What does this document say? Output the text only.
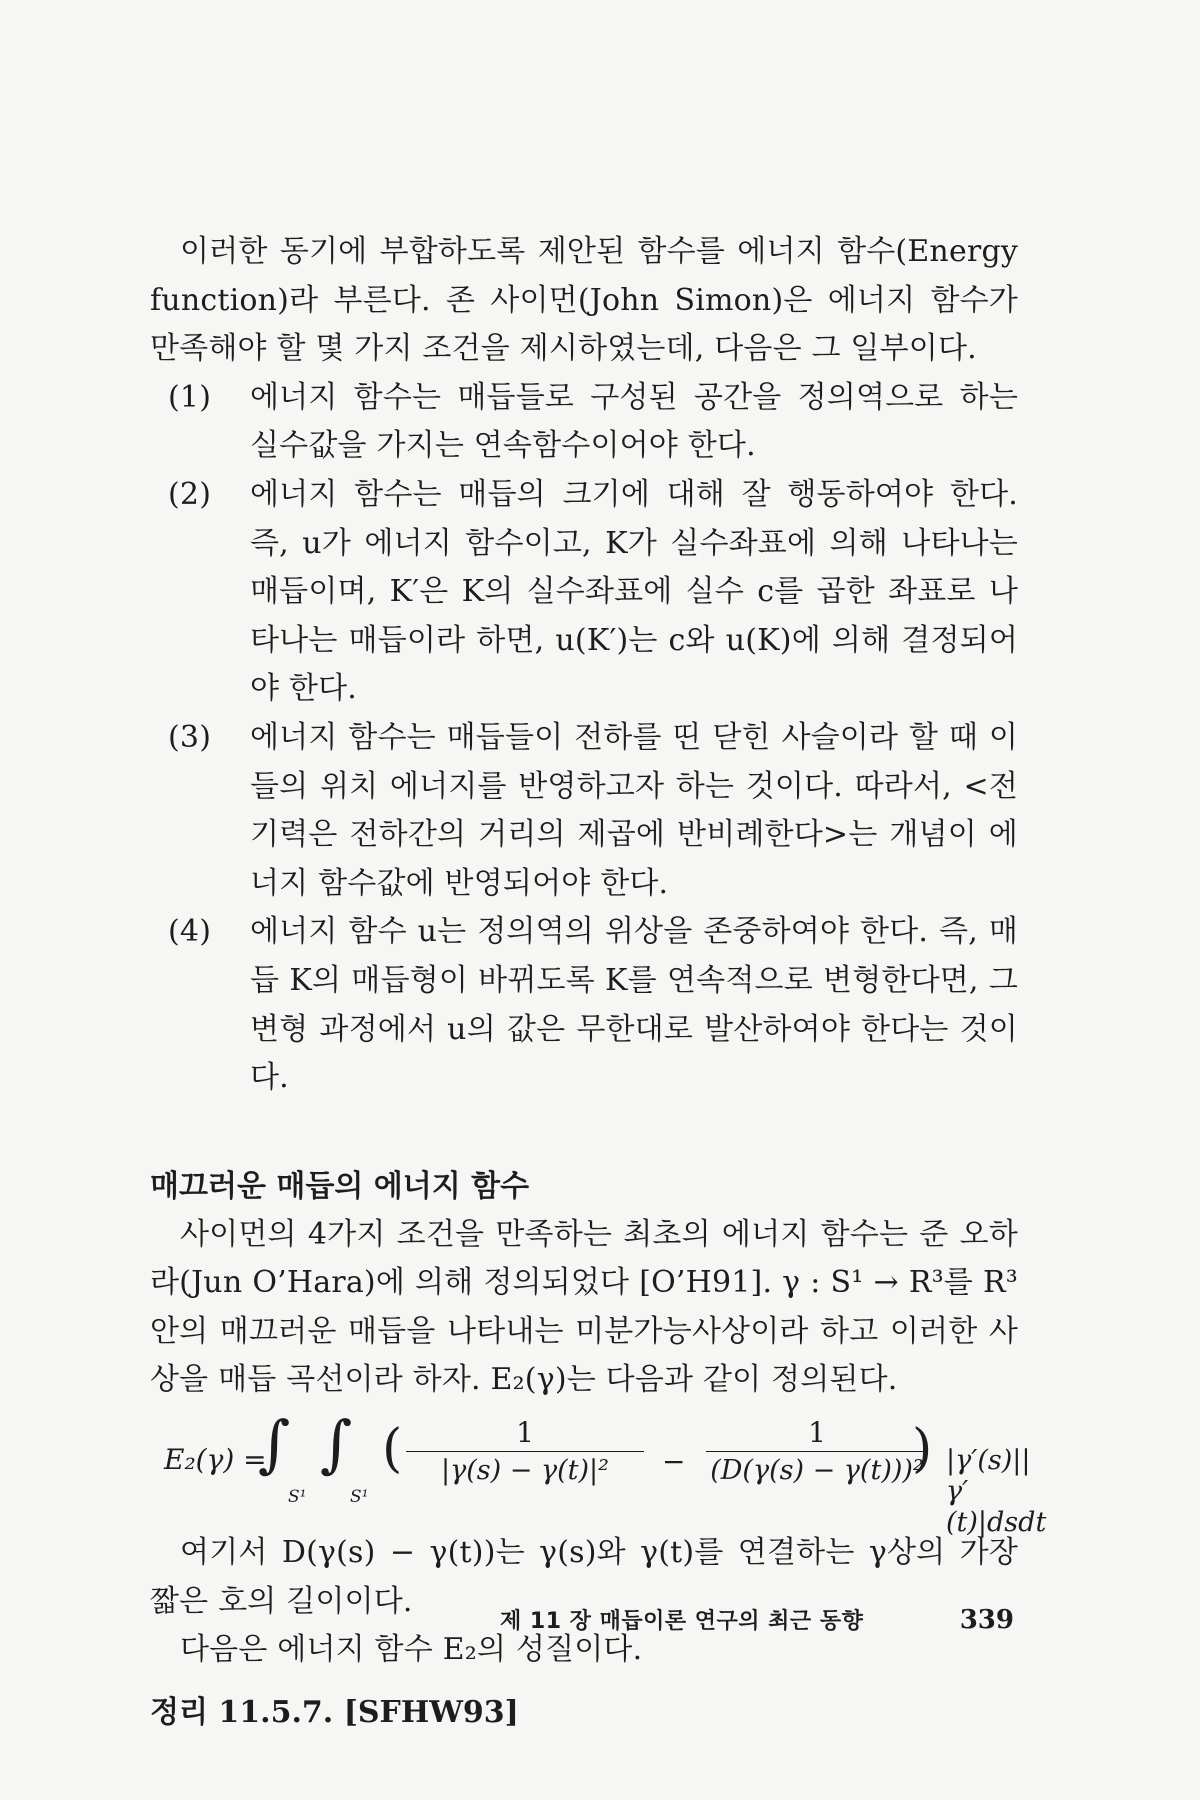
이러한 동기에 부합하도록 제안된 함수를 에너지 함수(Energy function)라 부른다. 존 사이먼(John Simon)은 에너지 함수가 만족해야 할 몇 가지 조건을 제시하였는데, 다음은 그 일부이다.

(1) 에너지 함수는 매듭들로 구성된 공간을 정의역으로 하는 실수값을 가지는 연속함수이어야 한다.

(2) 에너지 함수는 매듭의 크기에 대해 잘 행동하여야 한다. 즉, u가 에너지 함수이고, K가 실수좌표에 의해 나타나는 매듭이며, K′은 K의 실수좌표에 실수 c를 곱한 좌표로 나타나는 매듭이라 하면, u(K′)는 c와 u(K)에 의해 결정되어야 한다.

(3) 에너지 함수는 매듭들이 전하를 띤 닫힌 사슬이라 할 때 이들의 위치 에너지를 반영하고자 하는 것이다. 따라서, <전기력은 전하간의 거리의 제곱에 반비례한다>는 개념이 에너지 함수값에 반영되어야 한다.

(4) 에너지 함수 u는 정의역의 위상을 존중하여야 한다. 즉, 매듭 K의 매듭형이 바뀌도록 K를 연속적으로 변형한다면, 그 변형 과정에서 u의 값은 무한대로 발산하여야 한다는 것이다.

매끄러운 매듭의 에너지 함수

사이먼의 4가지 조건을 만족하는 최초의 에너지 함수는 준 오하라(Jun O’Hara)에 의해 정의되었다 [O’H91]. γ : S¹ → R³를 R³안의 매끄러운 매듭을 나타내는 미분가능사상이라 하고 이러한 사상을 매듭 곡선이라 하자. E₂(γ)는 다음과 같이 정의된다.

E₂(γ) =
∫
S¹
∫
S¹
(	1
|γ(s) − γ(t)|²	−
1
(D(γ(s) − γ(t)))²
) |γ′(s)||γ′(t)|dsdt

여기서 D(γ(s) − γ(t))는 γ(s)와 γ(t)를 연결하는 γ상의 가장 짧은 호의 길이이다.

다음은 에너지 함수 E₂의 성질이다.

정리 11.5.7. [SFHW93]

제 11 장 매듭이론 연구의 최근 동향	339
